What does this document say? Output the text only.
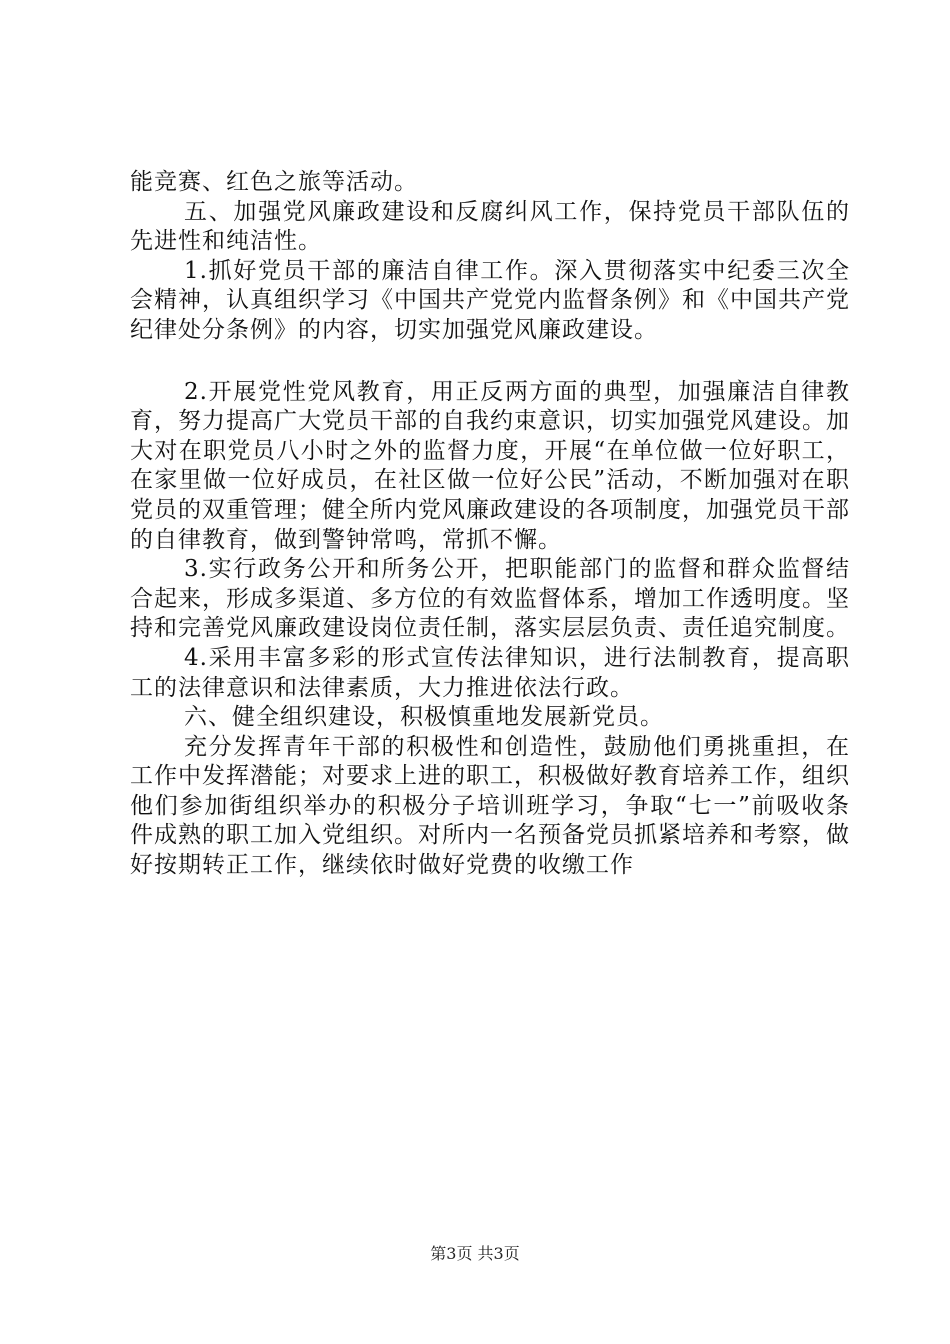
能竞赛、红色之旅等活动。

五、加强党风廉政建设和反腐纠风工作，保持党员干部队伍的先进性和纯洁性。

1.抓好党员干部的廉洁自律工作。深入贯彻落实中纪委三次全会精神，认真组织学习《中国共产党党内监督条例》和《中国共产党纪律处分条例》的内容，切实加强党风廉政建设。

2.开展党性党风教育，用正反两方面的典型，加强廉洁自律教育，努力提高广大党员干部的自我约束意识，切实加强党风建设。加大对在职党员八小时之外的监督力度，开展“在单位做一位好职工，在家里做一位好成员，在社区做一位好公民”活动，不断加强对在职党员的双重管理；健全所内党风廉政建设的各项制度，加强党员干部的自律教育，做到警钟常鸣，常抓不懈。

3.实行政务公开和所务公开，把职能部门的监督和群众监督结合起来，形成多渠道、多方位的有效监督体系，增加工作透明度。坚持和完善党风廉政建设岗位责任制，落实层层负责、责任追究制度。

4.采用丰富多彩的形式宣传法律知识，进行法制教育，提高职工的法律意识和法律素质，大力推进依法行政。

六、健全组织建设，积极慎重地发展新党员。

充分发挥青年干部的积极性和创造性，鼓励他们勇挑重担，在工作中发挥潜能；对要求上进的职工，积极做好教育培养工作，组织他们参加街组织举办的积极分子培训班学习，争取“七一”前吸收条件成熟的职工加入党组织。对所内一名预备党员抓紧培养和考察，做好按期转正工作，继续依时做好党费的收缴工作

第3页 共3页
